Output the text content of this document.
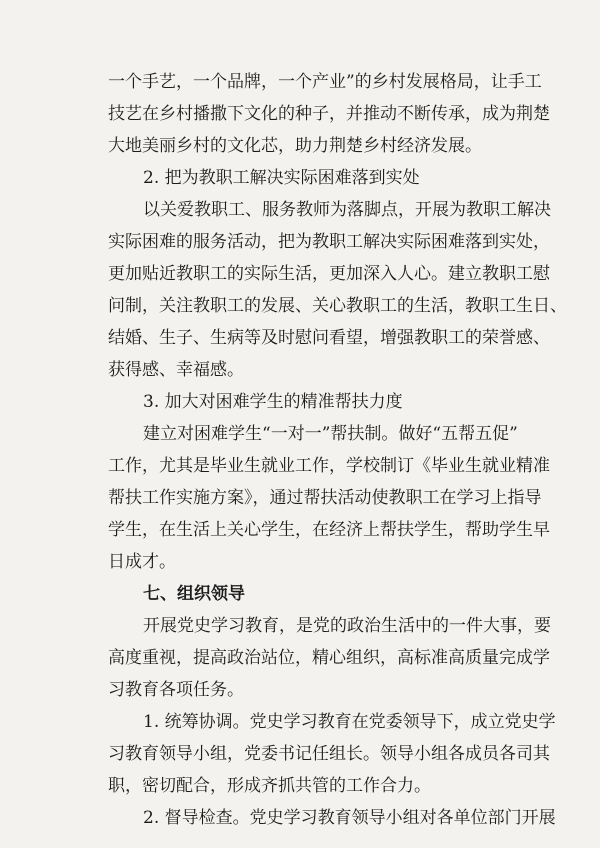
一个手艺，一个品牌，一个产业”的乡村发展格局，让手工
技艺在乡村播撒下文化的种子，并推动不断传承，成为荆楚
大地美丽乡村的文化芯，助力荆楚乡村经济发展。
2. 把为教职工解决实际困难落到实处
以关爱教职工、服务教师为落脚点，开展为教职工解决
实际困难的服务活动，把为教职工解决实际困难落到实处，
更加贴近教职工的实际生活，更加深入人心。建立教职工慰
问制，关注教职工的发展、关心教职工的生活，教职工生日、
结婚、生子、生病等及时慰问看望，增强教职工的荣誉感、
获得感、幸福感。
3. 加大对困难学生的精准帮扶力度
建立对困难学生“一对一”帮扶制。做好“五帮五促”
工作，尤其是毕业生就业工作，学校制订《毕业生就业精准
帮扶工作实施方案》，通过帮扶活动使教职工在学习上指导
学生，在生活上关心学生，在经济上帮扶学生，帮助学生早
日成才。
七、组织领导
开展党史学习教育，是党的政治生活中的一件大事，要
高度重视，提高政治站位，精心组织，高标准高质量完成学
习教育各项任务。
1. 统筹协调。党史学习教育在党委领导下，成立党史学
习教育领导小组，党委书记任组长。领导小组各成员各司其
职，密切配合，形成齐抓共管的工作合力。
2. 督导检查。党史学习教育领导小组对各单位部门开展
